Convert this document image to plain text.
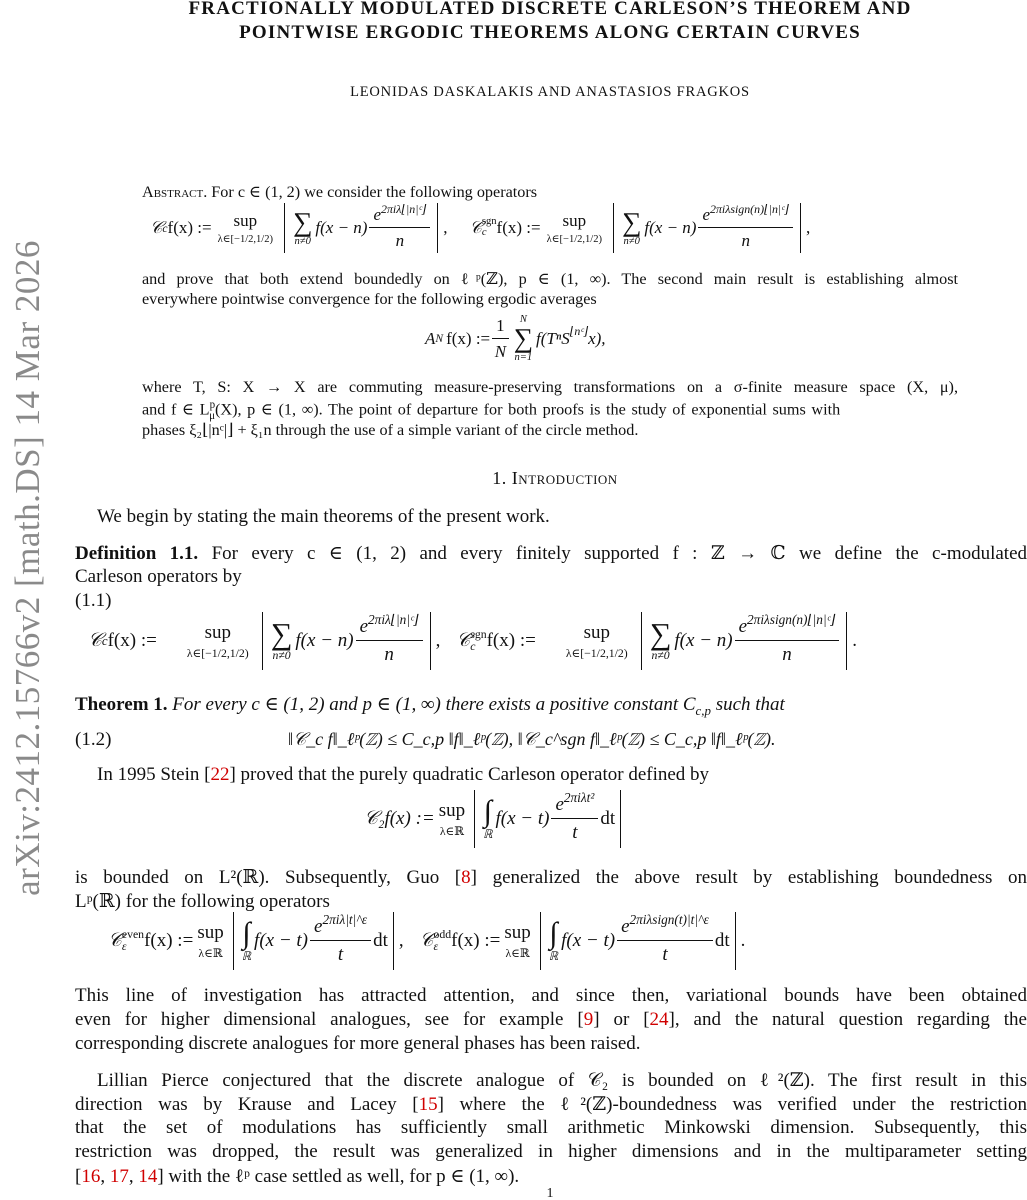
arXiv:2412.15766v2 [math.DS] 14 Mar 2026
FRACTIONALLY MODULATED DISCRETE CARLESON’S THEOREM AND
POINTWISE ERGODIC THEOREMS ALONG CERTAIN CURVES
LEONIDAS DASKALAKIS AND ANASTASIOS FRAGKOS
Abstract. For c ∈ (1, 2) we consider the following operators
𝒞 c f(x) := sup
λ∈[−1/2,1/2)
∑
n≠0
$f(x - n) \frac{e^{2\pi i\lambda⌊|n|ᶜ⌋}}{n}$ , 𝒞 sgn
c f(x) := sup
λ∈[−1/2,1/2)
∑
n≠0
$f(x - n) \frac{e^{2\pi i\lambda sign(n)⌊|n|ᶜ⌋}}{n}$ ,
and prove that both extend boundedly on ℓᵖ(ℤ), p ∈ (1, ∞). The second main result is establishing almost
everywhere pointwise convergence for the following ergodic averages
A N f(x) := $\frac{1}{N}$ N
∑
n=1
f(TⁿS ⌊nᶜ⌋ x),
where T, S: X → X are commuting measure-preserving transformations on a σ-finite measure space (X, μ),
and f ∈ $L^p_\mu(X)$, p ∈ (1, ∞). The point of departure for both proofs is the study of exponential sums with
phases ξ₂⌊|nᶜ|⌋ + ξ₁n through the use of a simple variant of the circle method.
1. Introduction
We begin by stating the main theorems of the present work.
Definition 1.1. For every c ∈ (1, 2) and every finitely supported f : ℤ → ℂ we define the c-modulated
Carleson operators by
(1.1)
𝒞 c f(x) :=	sup
λ∈[−1/2,1/2)
∑
n≠0
$f(x - n) \frac{e^{2\pi i\lambda⌊|n|ᶜ⌋}}{n}$ , 𝒞 sgn
c f(x) :=	sup
λ∈[−1/2,1/2)
∑
n≠0
$f(x - n) \frac{e^{2\pi i\lambda sign(n)⌊|n|ᶜ⌋}}{n}$ .
Theorem 1. For every c ∈ (1, 2) and p ∈ (1, ∞) there exists a positive constant $C_{c,p}$ such that
(1.2)	‖𝒞_c f‖_ℓᵖ(ℤ) ≤ C_c,p ‖f‖_ℓᵖ(ℤ), ‖𝒞_c^sgn f‖_ℓᵖ(ℤ) ≤ C_c,p ‖f‖_ℓᵖ(ℤ).
In 1995 Stein [22] proved that the purely quadratic Carleson operator defined by
𝒞₂f(x) := sup
λ∈ℝ
∫
ℝ
$f(x - t) \frac{e^{2\pi i\lambda t^2}}{t}$ dt
is bounded on L²(ℝ). Subsequently, Guo [8] generalized the above result by establishing boundedness on
Lᵖ(ℝ) for the following operators
𝒞 even
ε f(x) := sup
λ∈ℝ
∫
ℝ
$f(x - t) \frac{e^{2\pi i\lambda|t|\^{}\varepsilon}}{t}$ dt , 𝒞 odd
ε f(x) := sup
λ∈ℝ
∫
ℝ
$f(x - t) \frac{e^{2\pi i\lambda sign(t)|t|\^{}\varepsilon}}{t}$ dt .
This line of investigation has attracted attention, and since then, variational bounds have been obtained
even for higher dimensional analogues, see for example [9] or [24], and the natural question regarding the
corresponding discrete analogues for more general phases has been raised.
Lillian Pierce conjectured that the discrete analogue of 𝒞₂ is bounded on ℓ²(ℤ). The first result in this
direction was by Krause and Lacey [15] where the ℓ²(ℤ)-boundedness was verified under the restriction
that the set of modulations has sufficiently small arithmetic Minkowski dimension. Subsequently, this
restriction was dropped, the result was generalized in higher dimensions and in the multiparameter setting
[16, 17, 14] with the ℓᵖ case settled as well, for p ∈ (1, ∞).
1
